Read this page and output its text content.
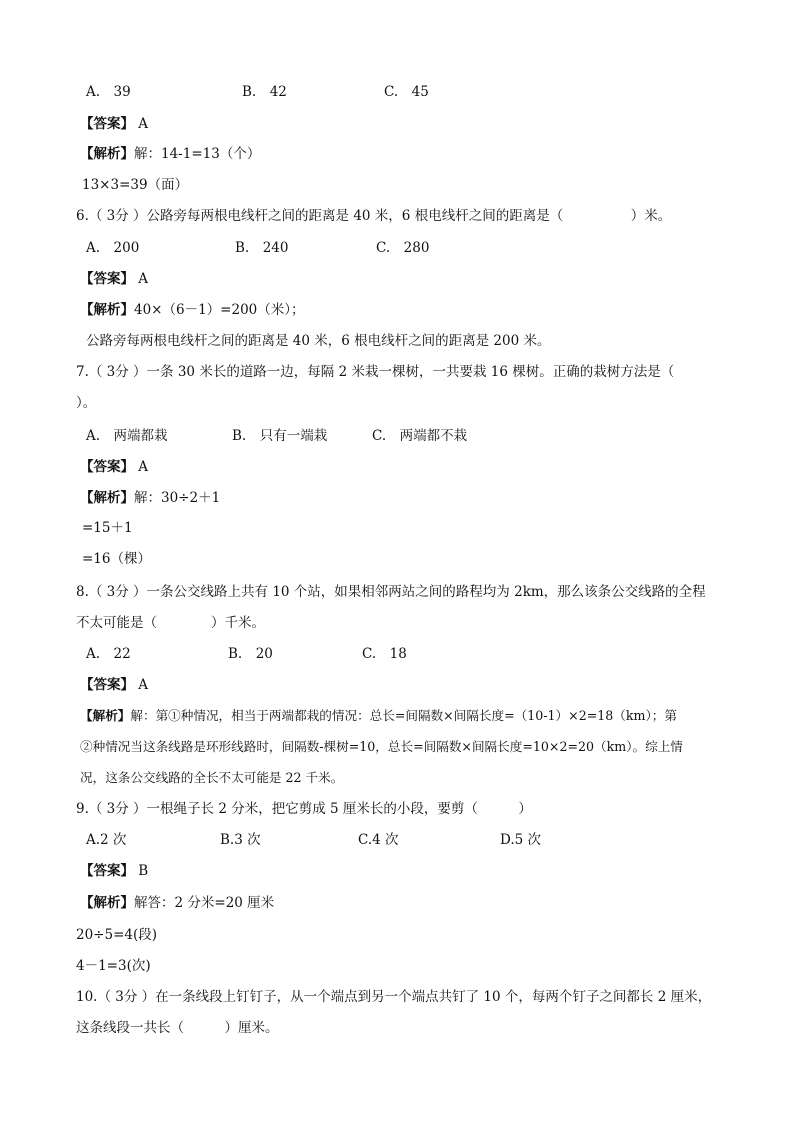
A.　39	B.　42	C.　45
【答案】 A
【解析】解：14-1=13（个）
13×3=39（面）
6.（ 3分 ）公路旁每两根电线杆之间的距离是 40 米，6 根电线杆之间的距离是（　　　　　）米。
A.　200	B.　240	C.　280
【答案】 A
【解析】40×（6－1）=200（米）；
公路旁每两根电线杆之间的距离是 40 米，6 根电线杆之间的距离是 200 米。
7.（ 3分 ）一条 30 米长的道路一边，每隔 2 米栽一棵树，一共要栽 16 棵树。正确的栽树方法是（
）。
A.　两端都栽	B.　只有一端栽	C.　两端都不栽
【答案】 A
【解析】解：30÷2＋1
=15＋1
=16（棵）
8.（ 3分 ）一条公交线路上共有 10 个站，如果相邻两站之间的路程均为 2km，那么该条公交线路的全程
不太可能是（　　　　）千米。
A.　22	B.　20	C.　18
【答案】 A
【解析】解：第①种情况，相当于两端都栽的情况：总长=间隔数×间隔长度=（10-1）×2=18（km）；第
②种情况当这条线路是环形线路时，间隔数-棵树=10，总长=间隔数×间隔长度=10×2=20（km）。综上情
况，这条公交线路的全长不太可能是 22 千米。
9.（ 3分 ）一根绳子长 2 分米，把它剪成 5 厘米长的小段，要剪（　　　）
A.2 次	B.3 次	C.4 次	D.5 次
【答案】 B
【解析】解答：2 分米=20 厘米
20÷5=4(段)
4－1=3(次)
10.（ 3分 ）在一条线段上钉钉子，从一个端点到另一个端点共钉了 10 个，每两个钉子之间都长 2 厘米，
这条线段一共长（　　　）厘米。
